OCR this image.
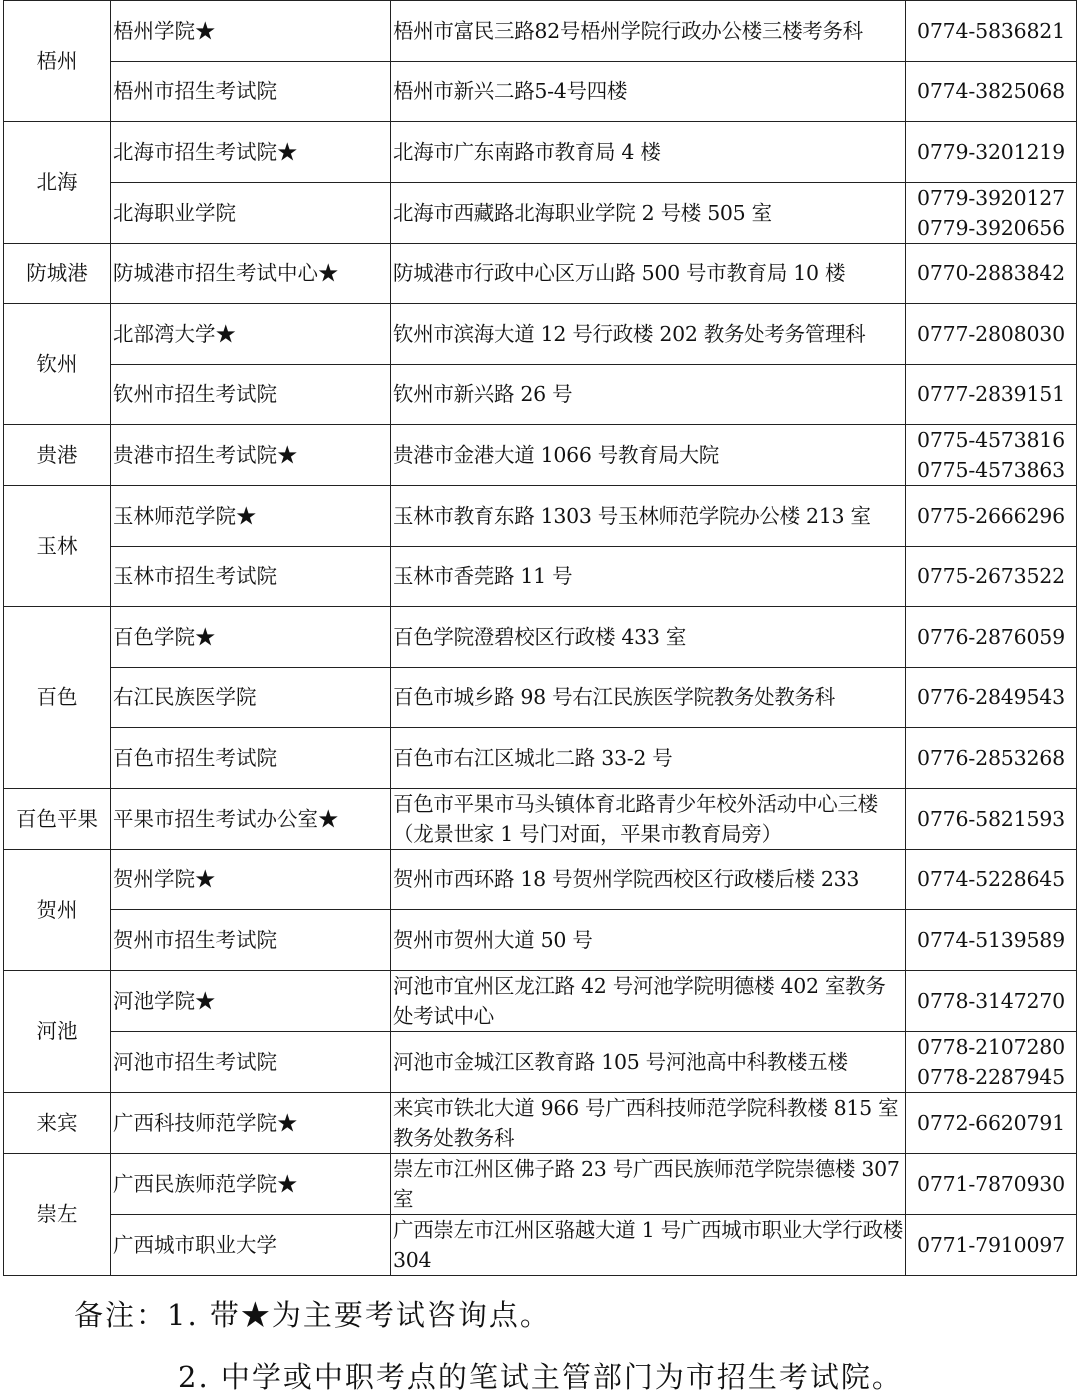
梧州	梧州学院★	梧州市富民三路82号梧州学院行政办公楼三楼考务科	0774-5836821

	梧州市招生考试院	梧州市新兴二路5-4号四楼	0774-3825068

北海	北海市招生考试院★	北海市广东南路市教育局 4 楼	0779-3201219

	北海职业学院	北海市西藏路北海职业学院 2 号楼 505 室	0779-3920127
0779-3920656

防城港	防城港市招生考试中心★	防城港市行政中心区万山路 500 号市教育局 10 楼	0770-2883842

钦州	北部湾大学★	钦州市滨海大道 12 号行政楼 202 教务处考务管理科	0777-2808030

	钦州市招生考试院	钦州市新兴路 26 号	0777-2839151

贵港	贵港市招生考试院★	贵港市金港大道 1066 号教育局大院	0775-4573816
0775-4573863

玉林	玉林师范学院★	玉林市教育东路 1303 号玉林师范学院办公楼 213 室	0775-2666296

	玉林市招生考试院	玉林市香莞路 11 号	0775-2673522

百色	百色学院★	百色学院澄碧校区行政楼 433 室	0776-2876059

	右江民族医学院	百色市城乡路 98 号右江民族医学院教务处教务科	0776-2849543

	百色市招生考试院	百色市右江区城北二路 33-2 号	0776-2853268

百色平果	平果市招生考试办公室★	百色市平果市马头镇体育北路青少年校外活动中心三楼（龙景世家 1 号门对面，平果市教育局旁）	0776-5821593

贺州	贺州学院★	贺州市西环路 18 号贺州学院西校区行政楼后楼 233	0774-5228645

	贺州市招生考试院	贺州市贺州大道 50 号	0774-5139589

河池	河池学院★	河池市宜州区龙江路 42 号河池学院明德楼 402 室教务处考试中心	0778-3147270

	河池市招生考试院	河池市金城江区教育路 105 号河池高中科教楼五楼	0778-2107280
0778-2287945

来宾	广西科技师范学院★	来宾市铁北大道 966 号广西科技师范学院科教楼 815 室教务处教务科	0772-6620791

崇左	广西民族师范学院★	崇左市江州区佛子路 23 号广西民族师范学院崇德楼 307 室	0771-7870930

	广西城市职业大学	广西崇左市江州区骆越大道 1 号广西城市职业大学行政楼 304	0771-7910097
备注：1. 带★为主要考试咨询点。
2. 中学或中职考点的笔试主管部门为市招生考试院。
